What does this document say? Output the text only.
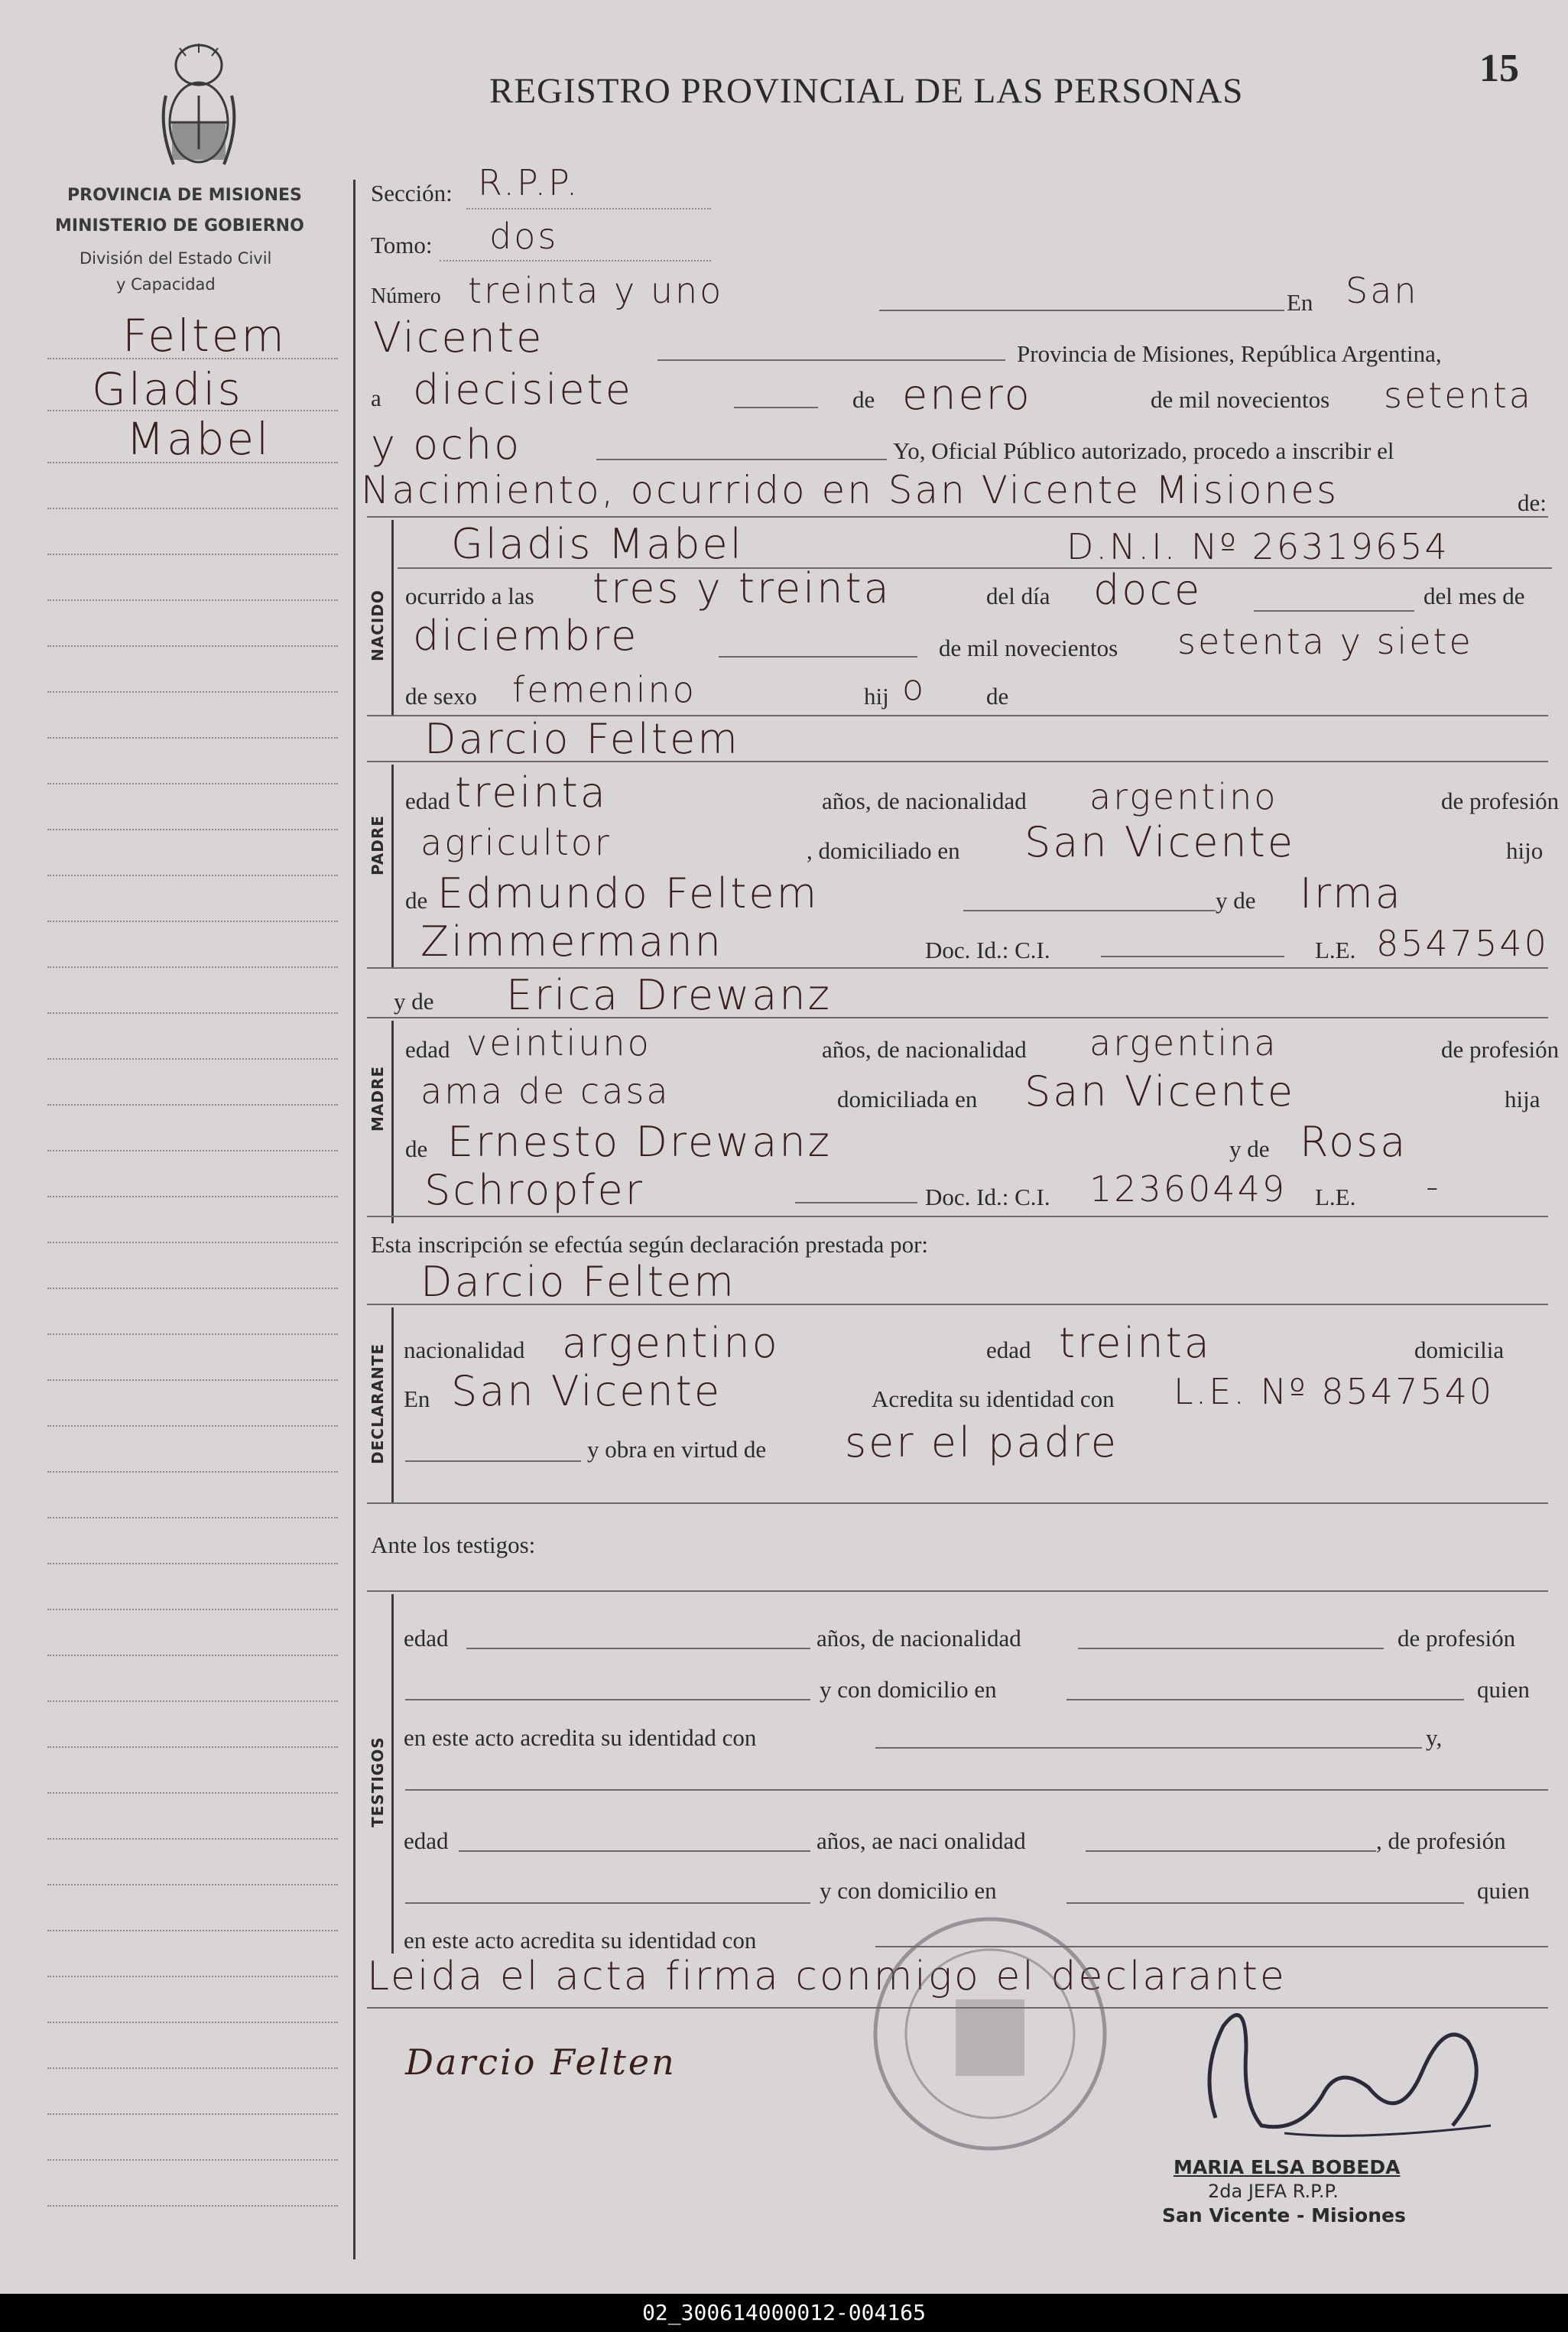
PROVINCIA DE MISIONES
MINISTERIO DE GOBIERNO
División del Estado Civil
y Capacidad
REGISTRO PROVINCIAL DE LAS PERSONAS
15
Feltem
Gladis
Mabel
Sección: R.P.P.
Tomo: dos
Número treinta y uno	En San
Vicente	Provincia de Misiones, República Argentina,
a diecisiete	de enero	de mil novecientos setenta
y ocho	Yo, Oficial Público autorizado, procedo a inscribir el
Nacimiento, ocurrido en San Vicente Misiones	de:
NACIDO
Gladis Mabel	D.N.I. Nº 26319654
ocurrido a las tres y treinta	del día doce	del mes de
diciembre	de mil novecientos setenta y siete
de sexo femenino	hij o	de
Darcio Feltem
PADRE
edad treinta	años, de nacionalidad argentino	de profesión
agricultor	, domiciliado en San Vicente	hijo
de Edmundo Feltem	y de Irma
Zimmermann	Doc. Id.: C.I.	L.E. 8547540
y de Erica Drewanz
MADRE
edad veintiuno	años, de nacionalidad argentina	de profesión
ama de casa	domiciliada en San Vicente	hija
de Ernesto Drewanz	y de Rosa
Schropfer	Doc. Id.: C.I. 12360449 L.E. -
Esta inscripción se efectúa según declaración prestada por:
Darcio Feltem
DECLARANTE nacionalidad argentino	edad treinta	domicilia
En San Vicente	Acredita su identidad con L.E. Nº 8547540
y obra en virtud de ser el padre
Ante los testigos:
TESTIGOS
edad	años, de nacionalidad	de profesión
y con domicilio en	quien
en este acto acredita su identidad con	y,
edad	años, ae naci onalidad	, de profesión
y con domicilio en	quien
en este acto acredita su identidad con
Leida el acta firma conmigo el declarante
Darcio Felten
MARIA ELSA BOBEDA
2da JEFA R.P.P.
San Vicente - Misiones
02_300614000012-004165
